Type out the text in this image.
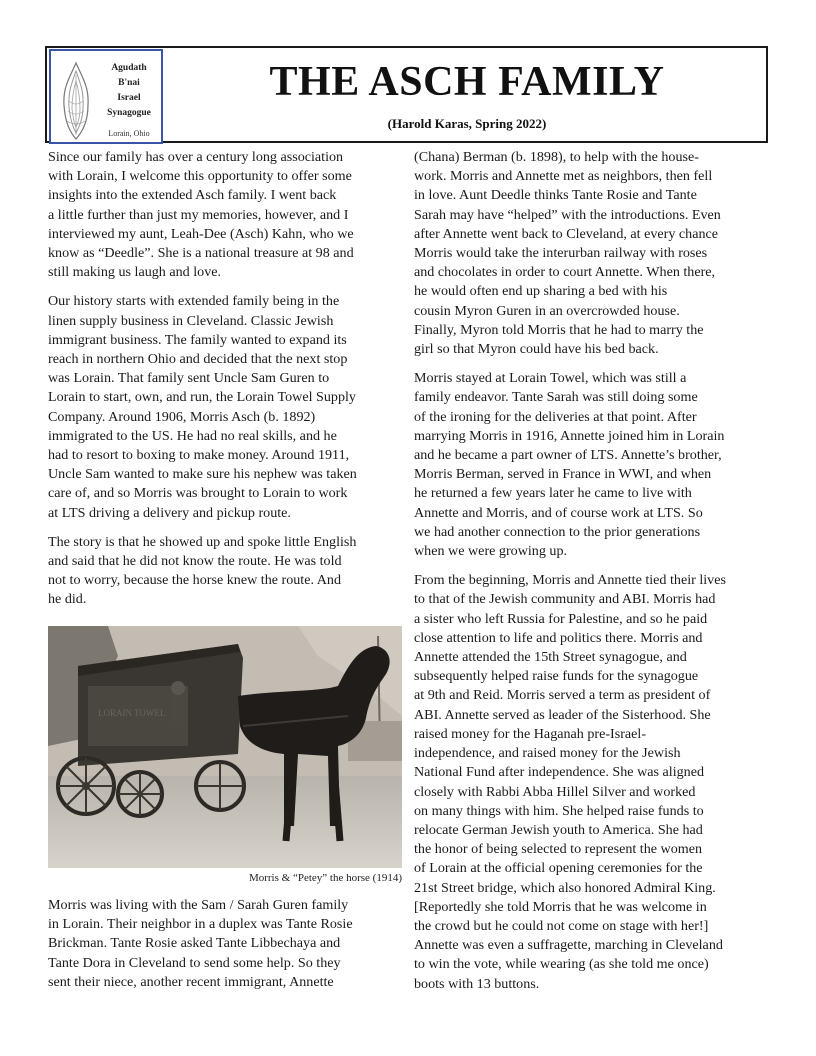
Agudath
B'nai
Israel
Synagogue
Lorain, Ohio
THE ASCH FAMILY
(Harold Karas, Spring 2022)

Since our family has over a century long association
with Lorain, I welcome this opportunity to offer some
insights into the extended Asch family. I went back
a little further than just my memories, however, and I
interviewed my aunt, Leah-Dee (Asch) Kahn, who we
know as “Deedle”. She is a national treasure at 98 and
still making us laugh and love.

Our history starts with extended family being in the
linen supply business in Cleveland. Classic Jewish
immigrant business. The family wanted to expand its
reach in northern Ohio and decided that the next stop
was Lorain. That family sent Uncle Sam Guren to
Lorain to start, own, and run, the Lorain Towel Supply
Company. Around 1906, Morris Asch (b. 1892)
immigrated to the US. He had no real skills, and he
had to resort to boxing to make money. Around 1911,
Uncle Sam wanted to make sure his nephew was taken
care of, and so Morris was brought to Lorain to work
at LTS driving a delivery and pickup route.

The story is that he showed up and spoke little English
and said that he did not know the route. He was told
not to worry, because the horse knew the route. And
he did.

LORAIN TOWEL
Morris & “Petey” the horse (1914)

Morris was living with the Sam / Sarah Guren family
in Lorain. Their neighbor in a duplex was Tante Rosie
Brickman. Tante Rosie asked Tante Libbechaya and
Tante Dora in Cleveland to send some help. So they
sent their niece, another recent immigrant, Annette

(Chana) Berman (b. 1898), to help with the house-
work. Morris and Annette met as neighbors, then fell
in love. Aunt Deedle thinks Tante Rosie and Tante
Sarah may have “helped” with the introductions. Even
after Annette went back to Cleveland, at every chance
Morris would take the interurban railway with roses
and chocolates in order to court Annette. When there,
he would often end up sharing a bed with his
cousin Myron Guren in an overcrowded house.
Finally, Myron told Morris that he had to marry the
girl so that Myron could have his bed back.

Morris stayed at Lorain Towel, which was still a
family endeavor. Tante Sarah was still doing some
of the ironing for the deliveries at that point. After
marrying Morris in 1916, Annette joined him in Lorain
and he became a part owner of LTS. Annette’s brother,
Morris Berman, served in France in WWI, and when
he returned a few years later he came to live with
Annette and Morris, and of course work at LTS. So
we had another connection to the prior generations
when we were growing up.

From the beginning, Morris and Annette tied their lives
to that of the Jewish community and ABI. Morris had
a sister who left Russia for Palestine, and so he paid
close attention to life and politics there. Morris and
Annette attended the 15th Street synagogue, and
subsequently helped raise funds for the synagogue
at 9th and Reid. Morris served a term as president of
ABI. Annette served as leader of the Sisterhood. She
raised money for the Haganah pre-Israel-
independence, and raised money for the Jewish
National Fund after independence. She was aligned
closely with Rabbi Abba Hillel Silver and worked
on many things with him. She helped raise funds to
relocate German Jewish youth to America. She had
the honor of being selected to represent the women
of Lorain at the official opening ceremonies for the
21st Street bridge, which also honored Admiral King.
[Reportedly she told Morris that he was welcome in
the crowd but he could not come on stage with her!]
Annette was even a suffragette, marching in Cleveland
to win the vote, while wearing (as she told me once)
boots with 13 buttons.
